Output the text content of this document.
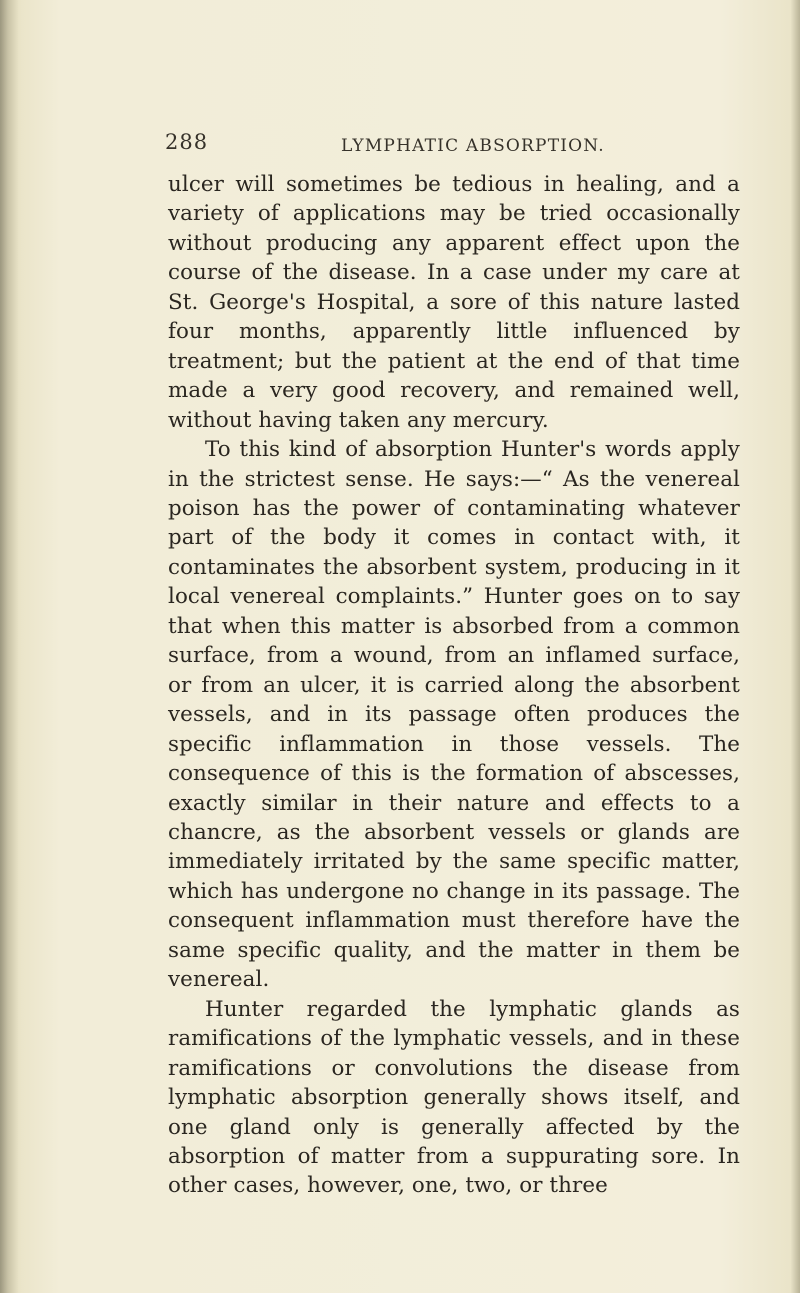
288	LYMPHATIC ABSORPTION.

ulcer will sometimes be tedious in healing, and a variety of applications may be tried occasionally without producing any apparent effect upon the course of the disease. In a case under my care at St. George's Hospital, a sore of this nature lasted four months, apparently little influenced by treatment; but the patient at the end of that time made a very good recovery, and remained well, without having taken any mercury.

To this kind of absorption Hunter's words apply in the strictest sense. He says:—“ As the venereal poison has the power of contaminating whatever part of the body it comes in contact with, it contaminates the absorbent system, producing in it local venereal complaints.” Hunter goes on to say that when this matter is absorbed from a common surface, from a wound, from an inflamed surface, or from an ulcer, it is carried along the absorbent vessels, and in its passage often produces the specific inflammation in those vessels. The consequence of this is the formation of abscesses, exactly similar in their nature and effects to a chancre, as the absorbent vessels or glands are immediately irritated by the same specific matter, which has undergone no change in its passage. The consequent inflammation must therefore have the same specific quality, and the matter in them be venereal.

Hunter regarded the lymphatic glands as ramifications of the lymphatic vessels, and in these ramifications or convolutions the disease from lymphatic absorption generally shows itself, and one gland only is generally affected by the absorption of matter from a suppurating sore. In other cases, however, one, two, or three
